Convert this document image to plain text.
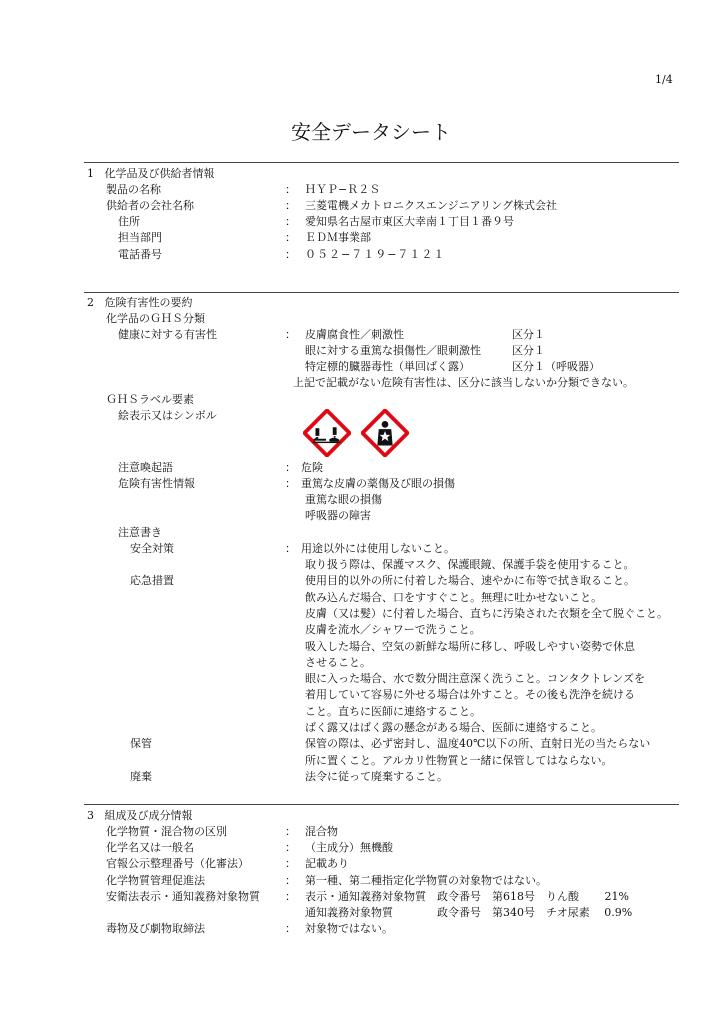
1/4
安全データシート
1   化学品及び供給者情報
製品の名称	： ＨＹＰ−Ｒ２Ｓ
供給者の会社名称	： 三菱電機メカトロニクスエンジニアリング株式会社
住所	： 愛知県名古屋市東区大幸南１丁目１番９号
担当部門	： ＥＤＭ事業部
電話番号	： ０５２−７１９−７１２１
2   危険有害性の要約
化学品のＧＨＳ分類
健康に対する有害性	： 皮膚腐食性／刺激性	区分１
眼に対する重篤な損傷性／眼刺激性	区分１
特定標的臓器毒性（単回ばく露）	区分１（呼吸器）
上記で記載がない危険有害性は、区分に該当しないか分類できない。
ＧＨＳラベル要素
絵表示又はシンボル
注意喚起語	： 危険
危険有害性情報	： 重篤な皮膚の薬傷及び眼の損傷
重篤な眼の損傷
呼吸器の障害
注意書き
安全対策	： 用途以外には使用しないこと。
取り扱う際は、保護マスク、保護眼鏡、保護手袋を使用すること。
応急措置	使用目的以外の所に付着した場合、速やかに布等で拭き取ること。
飲み込んだ場合、口をすすぐこと。無理に吐かせないこと。
皮膚（又は髪）に付着した場合、直ちに汚染された衣類を全て脱ぐこと。
皮膚を流水／シャワーで洗うこと。
吸入した場合、空気の新鮮な場所に移し、呼吸しやすい姿勢で休息
させること。
眼に入った場合、水で数分間注意深く洗うこと。コンタクトレンズを
着用していて容易に外せる場合は外すこと。その後も洗浄を続ける
こと。直ちに医師に連絡すること。
ばく露又はばく露の懸念がある場合、医師に連絡すること。
保管	保管の際は、必ず密封し、温度40℃以下の所、直射日光の当たらない
所に置くこと。アルカリ性物質と一緒に保管してはならない。
廃棄	法令に従って廃棄すること。
3   組成及び成分情報
化学物質・混合物の区別	： 混合物
化学名又は一般名	： （主成分）無機酸
官報公示整理番号（化審法）	： 記載あり
化学物質管理促進法	： 第一種、第二種指定化学物質の対象物ではない。
安衛法表示・通知義務対象物質 ： 表示・通知義務対象物質　政令番号　第618号　りん酸　　 21%
通知義務対象物質　　　　政令番号　第340号　チオ尿素　 0.9%
毒物及び劇物取締法	： 対象物ではない。
